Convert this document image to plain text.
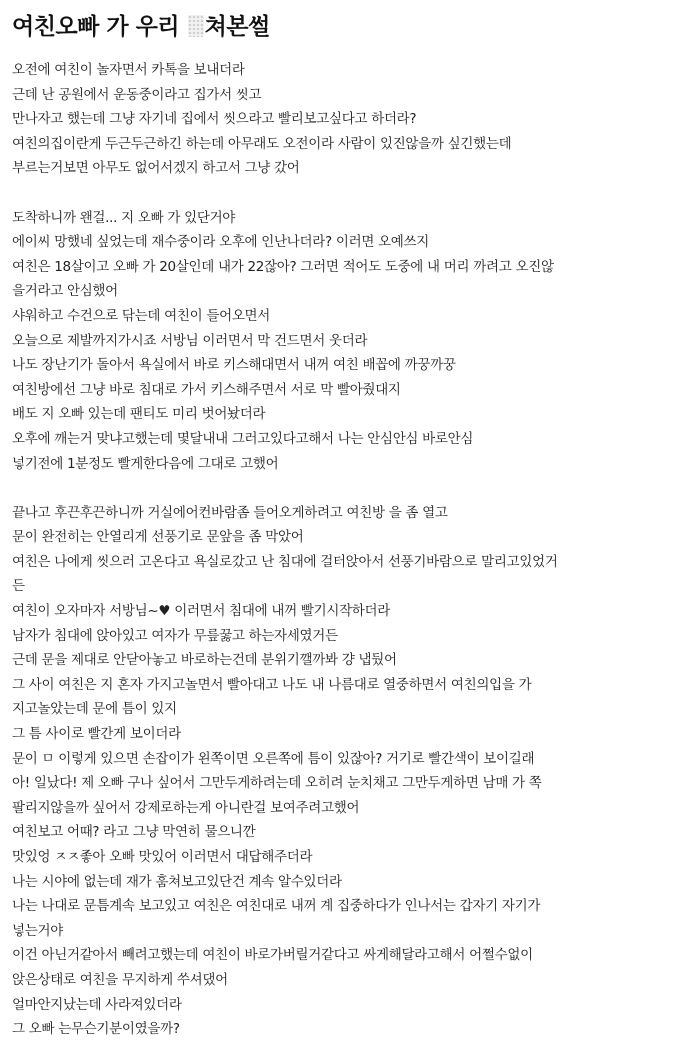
여친오빠 가 우리 쳐본썰
오전에 여친이 놀자면서 카톡을 보내더라
근데 난 공원에서 운동중이라고 집가서 씻고
만나자고 했는데 그냥 자기네 집에서 씻으라고 빨리보고싶다고 하더라?
여친의집이란게 두근두근하긴 하는데 아무래도 오전이라 사람이 있진않을까 싶긴했는데
부르는거보면 아무도 없어서겠지 하고서 그냥 갔어
도착하니까 왠걸... 지 오빠 가 있단거야
에이씨 망했네 싶었는데 재수중이라 오후에 인난나더라? 이러면 오예쓰지
여친은 18살이고 오빠 가 20살인데 내가 22잖아? 그러면 적어도 도중에 내 머리 까려고 오진않
을거라고 안심했어
샤워하고 수건으로 닦는데 여친이 들어오면서
오늘으로 제발까지가시죠 서방님 이러면서 막 건드면서 웃더라
나도 장난기가 돌아서 욕실에서 바로 키스해대면서 내꺼 여친 배꼽에 까꿍까꿍
여친방에선 그냥 바로 침대로 가서 키스해주면서 서로 막 빨아줬대지
배도 지 오빠 있는데 팬티도 미리 벗어놨더라
오후에 깨는거 맞냐고했는데 몇달내내 그러고있다고해서 나는 안심안심 바로안심
넣기전에 1분정도 빨게한다음에 그대로 고했어
끝나고 후끈후끈하니까 거실에어컨바람좀 들어오게하려고 여친방 을 좀 열고
문이 완전히는 안열리게 선풍기로 문앞을 좀 막았어
여친은 나에게 씻으러 고온다고 욕실로갔고 난 침대에 걸터앉아서 선풍기바람으로 말리고있었거
든
여친이 오자마자 서방님~♥ 이러면서 침대에 내꺼 빨기시작하더라
남자가 침대에 앉아있고 여자가 무릎꿇고 하는자세였거든
근데 문을 제대로 안닫아놓고 바로하는건데 분위기깰까봐 걍 냅뒀어
그 사이 여친은 지 혼자 가지고놀면서 빨아대고 나도 내 나름대로 열중하면서 여친의입을 가
지고놀았는데 문에 틈이 있지
그 틈 사이로 빨간게 보이더라
문이 ㅁ 이렇게 있으면 손잡이가 왼쪽이면 오른쪽에 틈이 있잖아? 거기로 빨간색이 보이길래
아! 일났다! 제 오빠 구나 싶어서 그만두게하려는데 오히려 눈치채고 그만두게하면 남매 가 쪽
팔리지않을까 싶어서 강제로하는게 아니란걸 보여주려고했어
여친보고 어때? 라고 그냥 막연히 물으니깐
맛있엉 ㅈㅈ좋아 오빠 맛있어 이러면서 대답해주더라
나는 시야에 없는데 재가 훔쳐보고있단건 계속 알수있더라
나는 나대로 문틈계속 보고있고 여친은 여친대로 내꺼 계 집중하다가 인나서는 갑자기 자기가
넣는거야
이건 아닌거같아서 빼려고했는데 여친이 바로가버릴거같다고 싸게해달라고해서 어쩔수없이
앉은상태로 여친을 무지하게 쑤셔댔어
얼마안지났는데 사라져있더라
그 오빠 는무슨기분이였을까?
